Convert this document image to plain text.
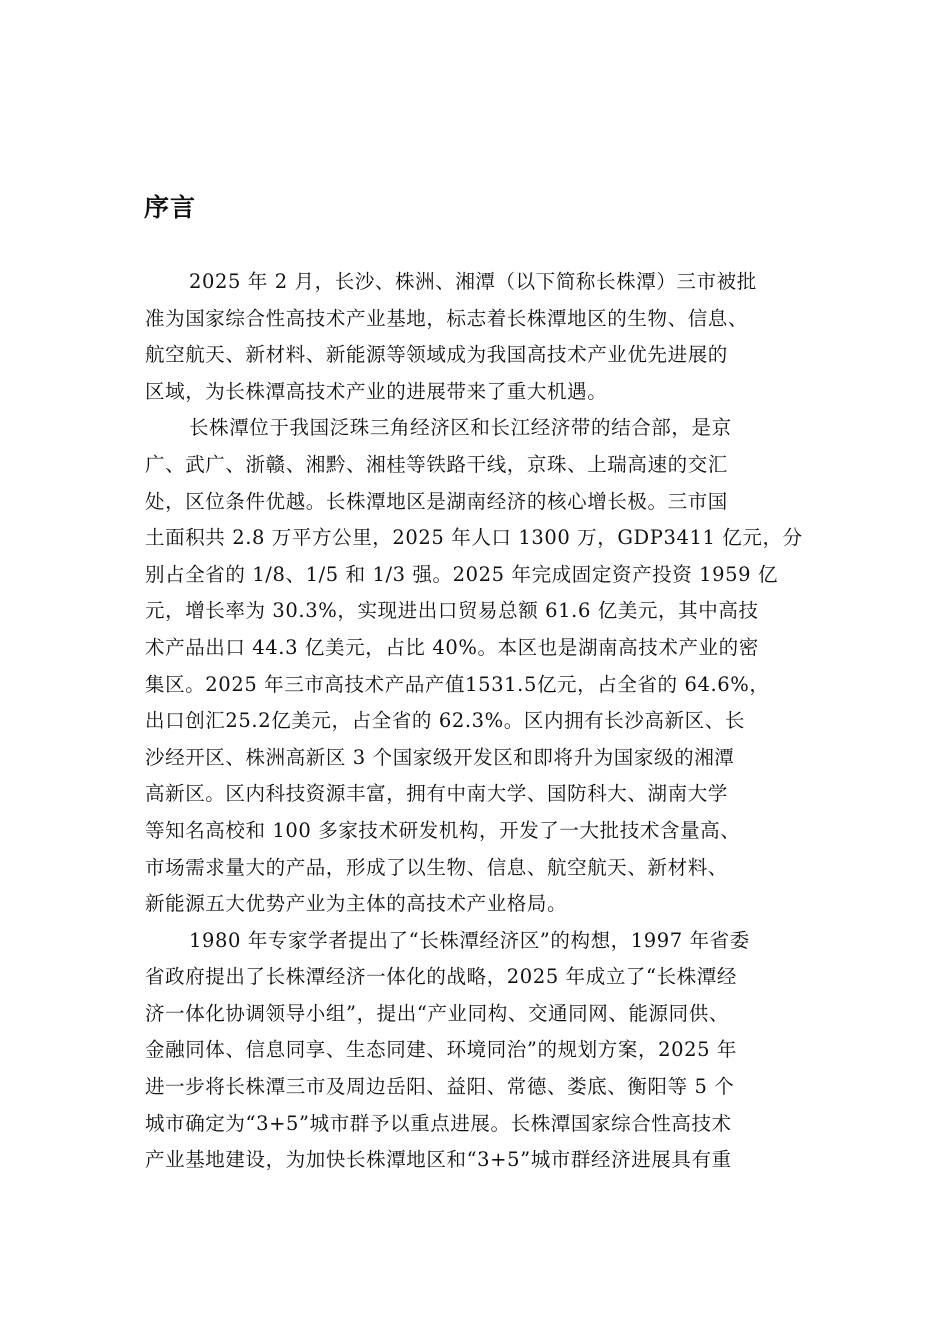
序言
2025 年 2 月，长沙、株洲、湘潭（以下简称长株潭）三市被批
准为国家综合性高技术产业基地，标志着长株潭地区的生物、信息、
航空航天、新材料、新能源等领域成为我国高技术产业优先进展的
区域，为长株潭高技术产业的进展带来了重大机遇。
长株潭位于我国泛珠三角经济区和长江经济带的结合部，是京
广、武广、浙赣、湘黔、湘桂等铁路干线，京珠、上瑞高速的交汇
处，区位条件优越。长株潭地区是湖南经济的核心增长极。三市国
土面积共 2.8 万平方公里，2025 年人口 1300 万，GDP3411 亿元，分
别占全省的 1/8、1/5 和 1/3 强。2025 年完成固定资产投资 1959 亿
元，增长率为 30.3%，实现进出口贸易总额 61.6 亿美元，其中高技
术产品出口 44.3 亿美元，占比 40%。本区也是湖南高技术产业的密
集区。2025 年三市高技术产品产值1531.5亿元，占全省的 64.6%，
出口创汇25.2亿美元，占全省的 62.3%。区内拥有长沙高新区、长
沙经开区、株洲高新区 3 个国家级开发区和即将升为国家级的湘潭
高新区。区内科技资源丰富，拥有中南大学、国防科大、湖南大学
等知名高校和 100 多家技术研发机构，开发了一大批技术含量高、
市场需求量大的产品，形成了以生物、信息、航空航天、新材料、
新能源五大优势产业为主体的高技术产业格局。
1980 年专家学者提出了“长株潭经济区”的构想，1997 年省委
省政府提出了长株潭经济一体化的战略，2025 年成立了“长株潭经
济一体化协调领导小组”，提出“产业同构、交通同网、能源同供、
金融同体、信息同享、生态同建、环境同治”的规划方案，2025 年
进一步将长株潭三市及周边岳阳、益阳、常德、娄底、衡阳等 5 个
城市确定为“3+5”城市群予以重点进展。长株潭国家综合性高技术
产业基地建设，为加快长株潭地区和“3+5”城市群经济进展具有重
